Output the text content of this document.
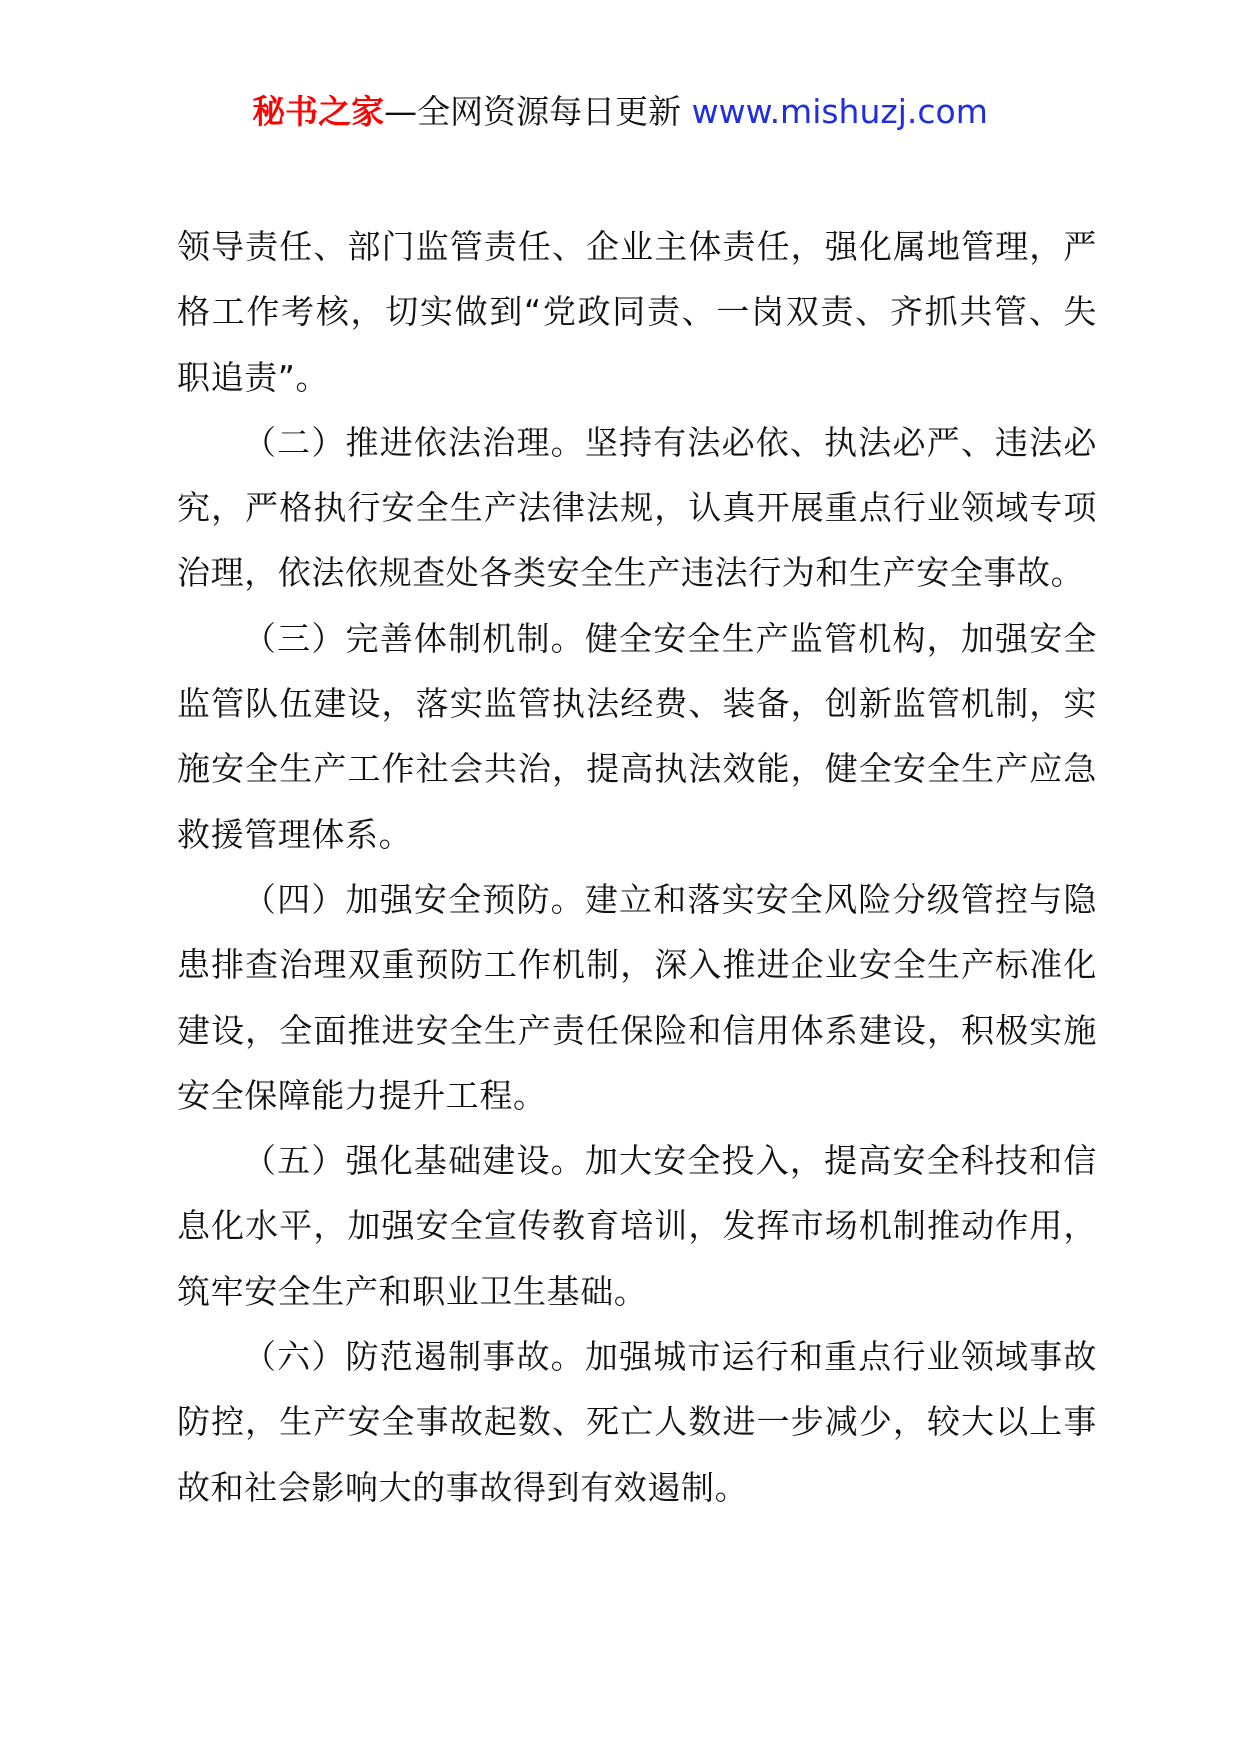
秘书之家—全网资源每日更新 www.mishuzj.com

领导责任、部门监管责任、企业主体责任，强化属地管理，严格工作考核，切实做到“党政同责、一岗双责、齐抓共管、失职追责”。

（二）推进依法治理。坚持有法必依、执法必严、违法必究，严格执行安全生产法律法规，认真开展重点行业领域专项治理，依法依规查处各类安全生产违法行为和生产安全事故。

（三）完善体制机制。健全安全生产监管机构，加强安全监管队伍建设，落实监管执法经费、装备，创新监管机制，实施安全生产工作社会共治，提高执法效能，健全安全生产应急救援管理体系。

（四）加强安全预防。建立和落实安全风险分级管控与隐患排查治理双重预防工作机制，深入推进企业安全生产标准化建设，全面推进安全生产责任保险和信用体系建设，积极实施安全保障能力提升工程。

（五）强化基础建设。加大安全投入，提高安全科技和信息化水平，加强安全宣传教育培训，发挥市场机制推动作用，筑牢安全生产和职业卫生基础。

（六）防范遏制事故。加强城市运行和重点行业领域事故防控，生产安全事故起数、死亡人数进一步减少，较大以上事故和社会影响大的事故得到有效遏制。
